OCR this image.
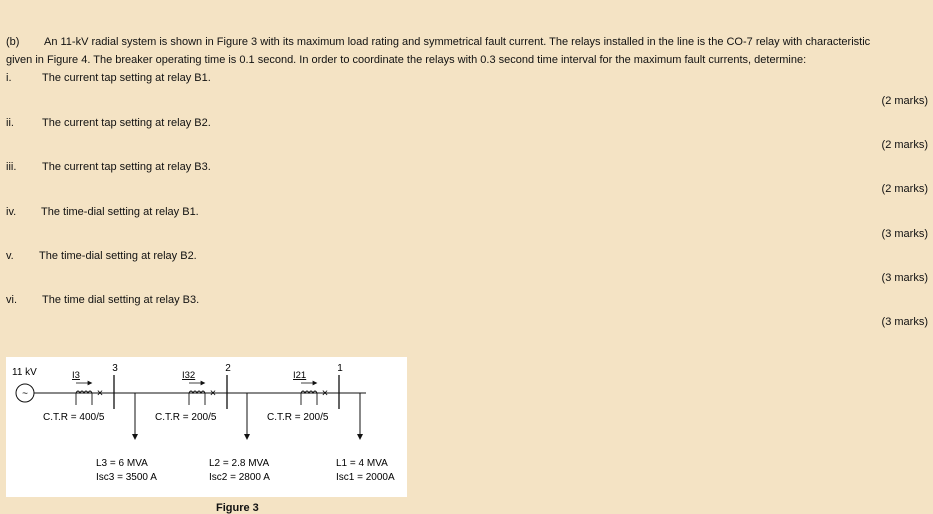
(b) An 11-kV radial system is shown in Figure 3 with its maximum load rating and symmetrical fault current. The relays installed in the line is the CO-7 relay with characteristic
given in Figure 4. The breaker operating time is 0.1 second. In order to coordinate the relays with 0.3 second time interval for the maximum fault currents, determine:
i.	The current tap setting at relay B1.
(2 marks)
ii.	The current tap setting at relay B2.
(2 marks)
iii. The current tap setting at relay B3.
(2 marks)
iv. The time-dial setting at relay B1.
(3 marks)
v. The time-dial setting at relay B2.
(3 marks)
vi. The time dial setting at relay B3.
(3 marks)
11 kV
~
3	2	1
I3	I32	I21
×	×	×
C.T.R = 400/5	C.T.R = 200/5	C.T.R = 200/5
L3 = 6 MVA
Isc3 = 3500 A
L2 = 2.8 MVA
Isc2 = 2800 A
L1 = 4 MVA
Isc1 = 2000A
Figure 3
